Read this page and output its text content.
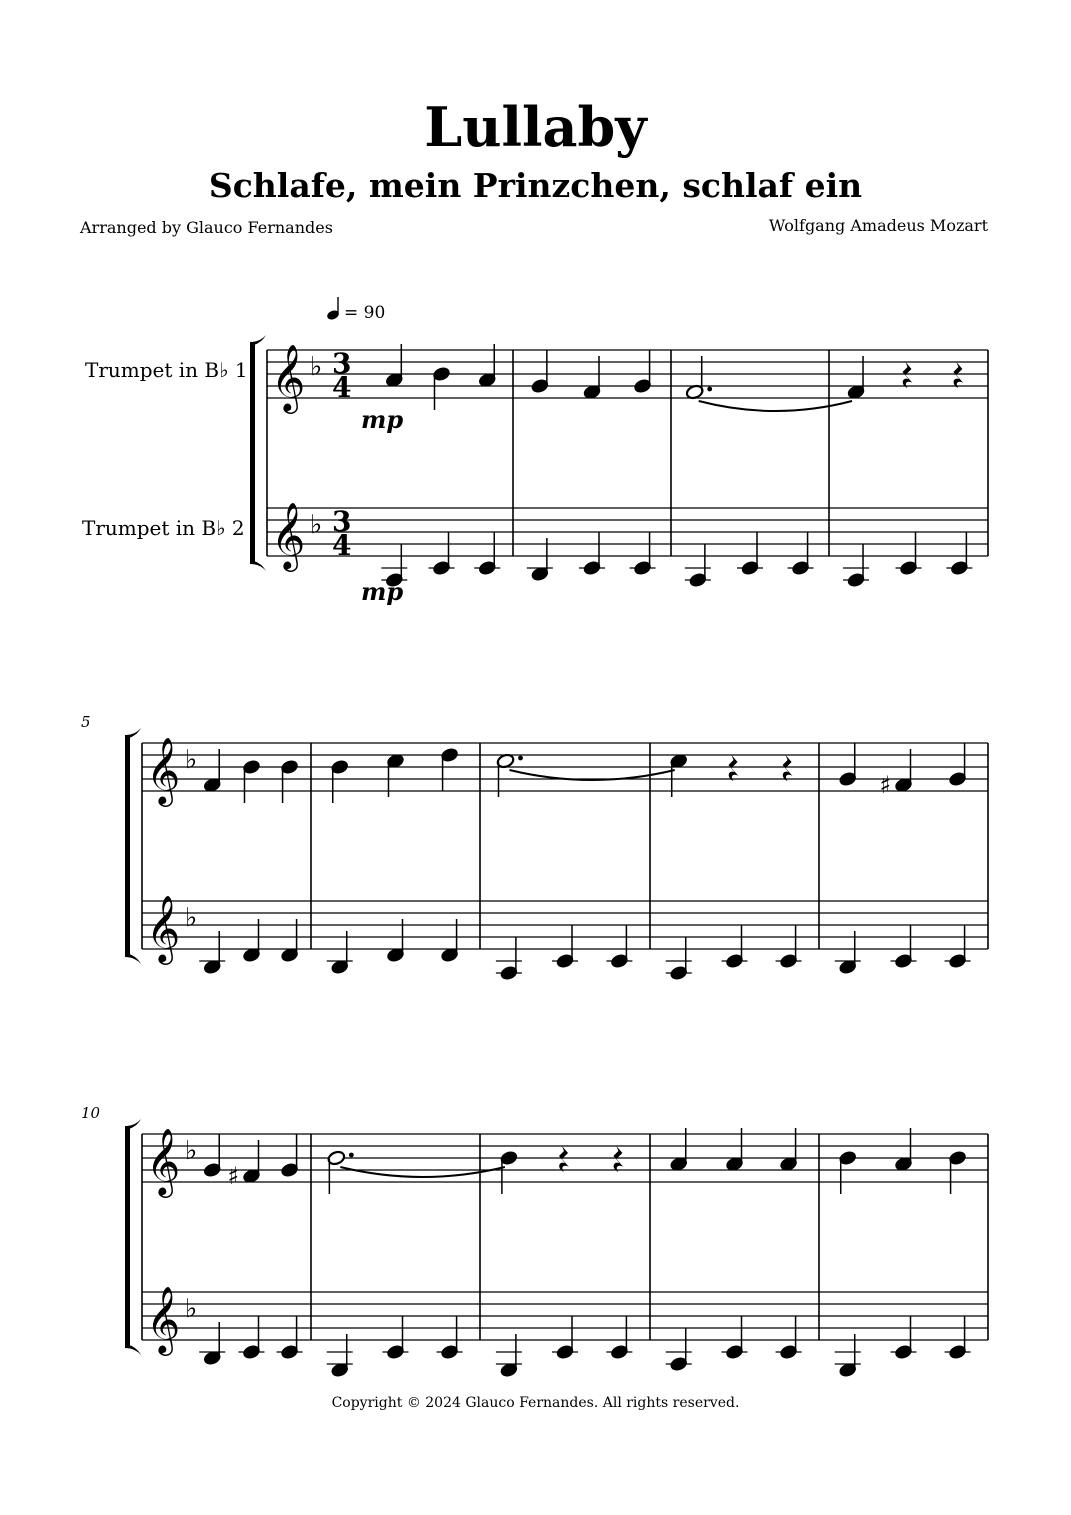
Lullaby
Schlafe, mein Prinzchen, schlaf ein
Arranged by Glauco Fernandes	Wolfgang Amadeus Mozart
= 90
Trumpet in B♭ 1
Trumpet in B♭ 2
𝄞 ♭
𝄞 ♭
3
4
3
4
mp
mp
𝄞 ♭
𝄞 ♭
5
♯
𝄞 ♭
𝄞 ♭
10
♯
Copyright © 2024 Glauco Fernandes. All rights reserved.
